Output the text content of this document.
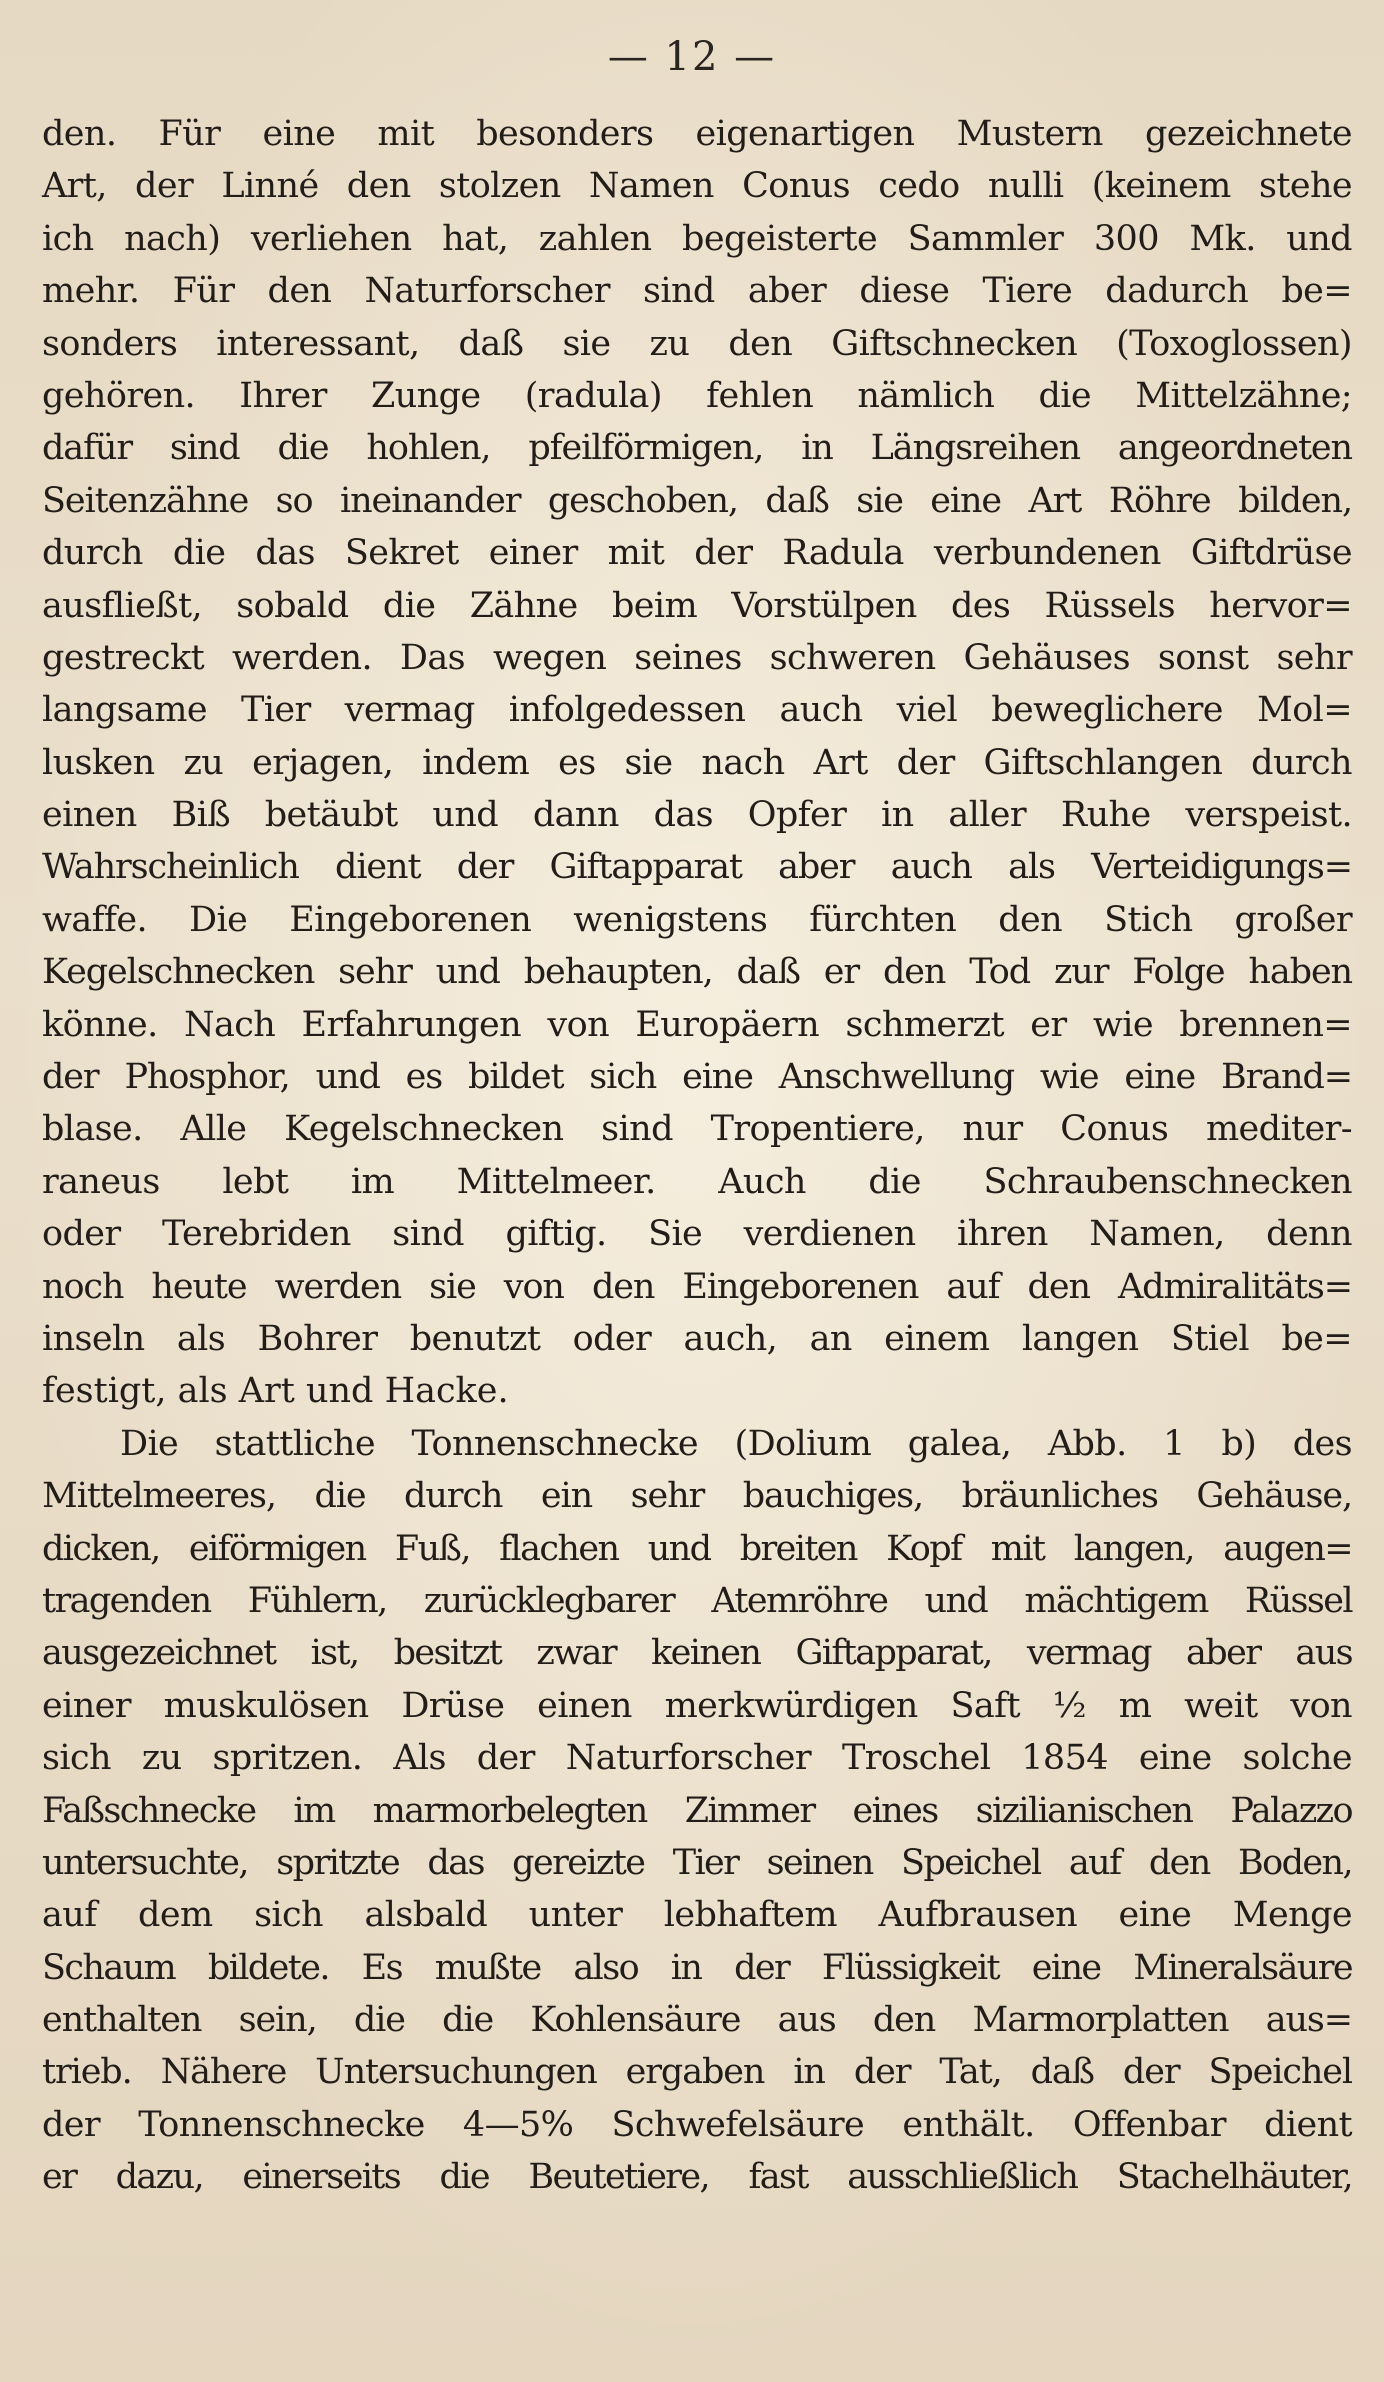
— 12 —
den. Für eine mit besonders eigenartigen Mustern gezeichnete
Art, der Linné den stolzen Namen Conus cedo nulli (keinem stehe
ich nach) verliehen hat, zahlen begeisterte Sammler 300 Mk. und
mehr. Für den Naturforscher sind aber diese Tiere dadurch be=
sonders interessant, daß sie zu den Giftschnecken (Toxoglossen)
gehören. Ihrer Zunge (radula) fehlen nämlich die Mittelzähne;
dafür sind die hohlen, pfeilförmigen, in Längsreihen angeordneten
Seitenzähne so ineinander geschoben, daß sie eine Art Röhre bilden,
durch die das Sekret einer mit der Radula verbundenen Giftdrüse
ausfließt, sobald die Zähne beim Vorstülpen des Rüssels hervor=
gestreckt werden. Das wegen seines schweren Gehäuses sonst sehr
langsame Tier vermag infolgedessen auch viel beweglichere Mol=
lusken zu erjagen, indem es sie nach Art der Giftschlangen durch
einen Biß betäubt und dann das Opfer in aller Ruhe verspeist.
Wahrscheinlich dient der Giftapparat aber auch als Verteidigungs=
waffe. Die Eingeborenen wenigstens fürchten den Stich großer
Kegelschnecken sehr und behaupten, daß er den Tod zur Folge haben
könne. Nach Erfahrungen von Europäern schmerzt er wie brennen=
der Phosphor, und es bildet sich eine Anschwellung wie eine Brand=
blase. Alle Kegelschnecken sind Tropentiere, nur Conus mediter-
raneus lebt im Mittelmeer. Auch die Schraubenschnecken
oder Terebriden sind giftig. Sie verdienen ihren Namen, denn
noch heute werden sie von den Eingeborenen auf den Admiralitäts=
inseln als Bohrer benutzt oder auch, an einem langen Stiel be=
festigt, als Art und Hacke.
Die stattliche Tonnenschnecke (Dolium galea, Abb. 1 b) des
Mittelmeeres, die durch ein sehr bauchiges, bräunliches Gehäuse,
dicken, eiförmigen Fuß, flachen und breiten Kopf mit langen, augen=
tragenden Fühlern, zurücklegbarer Atemröhre und mächtigem Rüssel
ausgezeichnet ist, besitzt zwar keinen Giftapparat, vermag aber aus
einer muskulösen Drüse einen merkwürdigen Saft ½ m weit von
sich zu spritzen. Als der Naturforscher Troschel 1854 eine solche
Faßschnecke im marmorbelegten Zimmer eines sizilianischen Palazzo
untersuchte, spritzte das gereizte Tier seinen Speichel auf den Boden,
auf dem sich alsbald unter lebhaftem Aufbrausen eine Menge
Schaum bildete. Es mußte also in der Flüssigkeit eine Mineralsäure
enthalten sein, die die Kohlensäure aus den Marmorplatten aus=
trieb. Nähere Untersuchungen ergaben in der Tat, daß der Speichel
der Tonnenschnecke 4—5% Schwefelsäure enthält. Offenbar dient
er dazu, einerseits die Beutetiere, fast ausschließlich Stachelhäuter,
